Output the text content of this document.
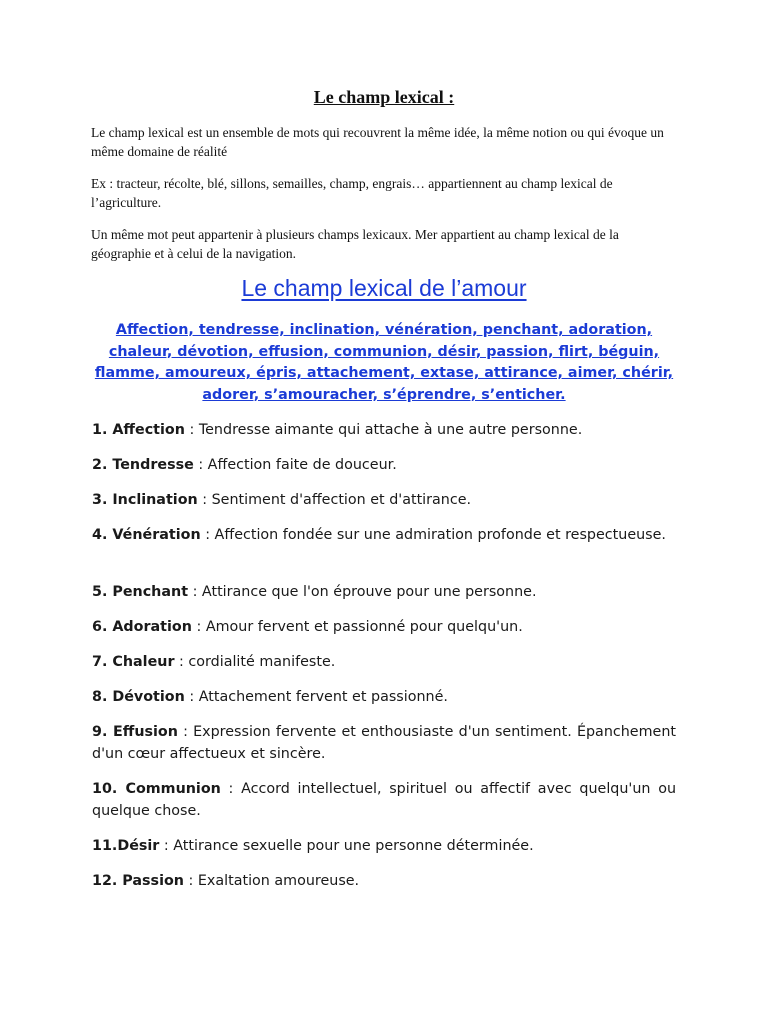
Le champ lexical :

Le champ lexical est un ensemble de mots qui recouvrent la même idée, la même notion ou qui évoque un même domaine de réalité

Ex : tracteur, récolte, blé, sillons, semailles, champ, engrais… appartiennent au champ lexical de l’agriculture.

Un même mot peut appartenir à plusieurs champs lexicaux. Mer appartient au champ lexical de la géographie et à celui de la navigation.

Le champ lexical de l’amour

Affection, tendresse, inclination, vénération, penchant, adoration, chaleur, dévotion, effusion, communion, désir, passion, flirt, béguin, flamme, amoureux, épris, attachement, extase, attirance, aimer, chérir, adorer, s’amouracher, s’éprendre, s’enticher.

1. Affection : Tendresse aimante qui attache à une autre personne.

2. Tendresse : Affection faite de douceur.

3. Inclination : Sentiment d'affection et d'attirance.

4. Vénération : Affection fondée sur une admiration profonde et respectueuse.

5. Penchant : Attirance que l'on éprouve pour une personne.

6. Adoration : Amour fervent et passionné pour quelqu'un.

7. Chaleur : cordialité manifeste.

8. Dévotion : Attachement fervent et passionné.

9. Effusion : Expression fervente et enthousiaste d'un sentiment. Épanchement d'un cœur affectueux et sincère.

10. Communion : Accord intellectuel, spirituel ou affectif avec quelqu'un ou quelque chose.

11.Désir : Attirance sexuelle pour une personne déterminée.

12. Passion : Exaltation amoureuse.
